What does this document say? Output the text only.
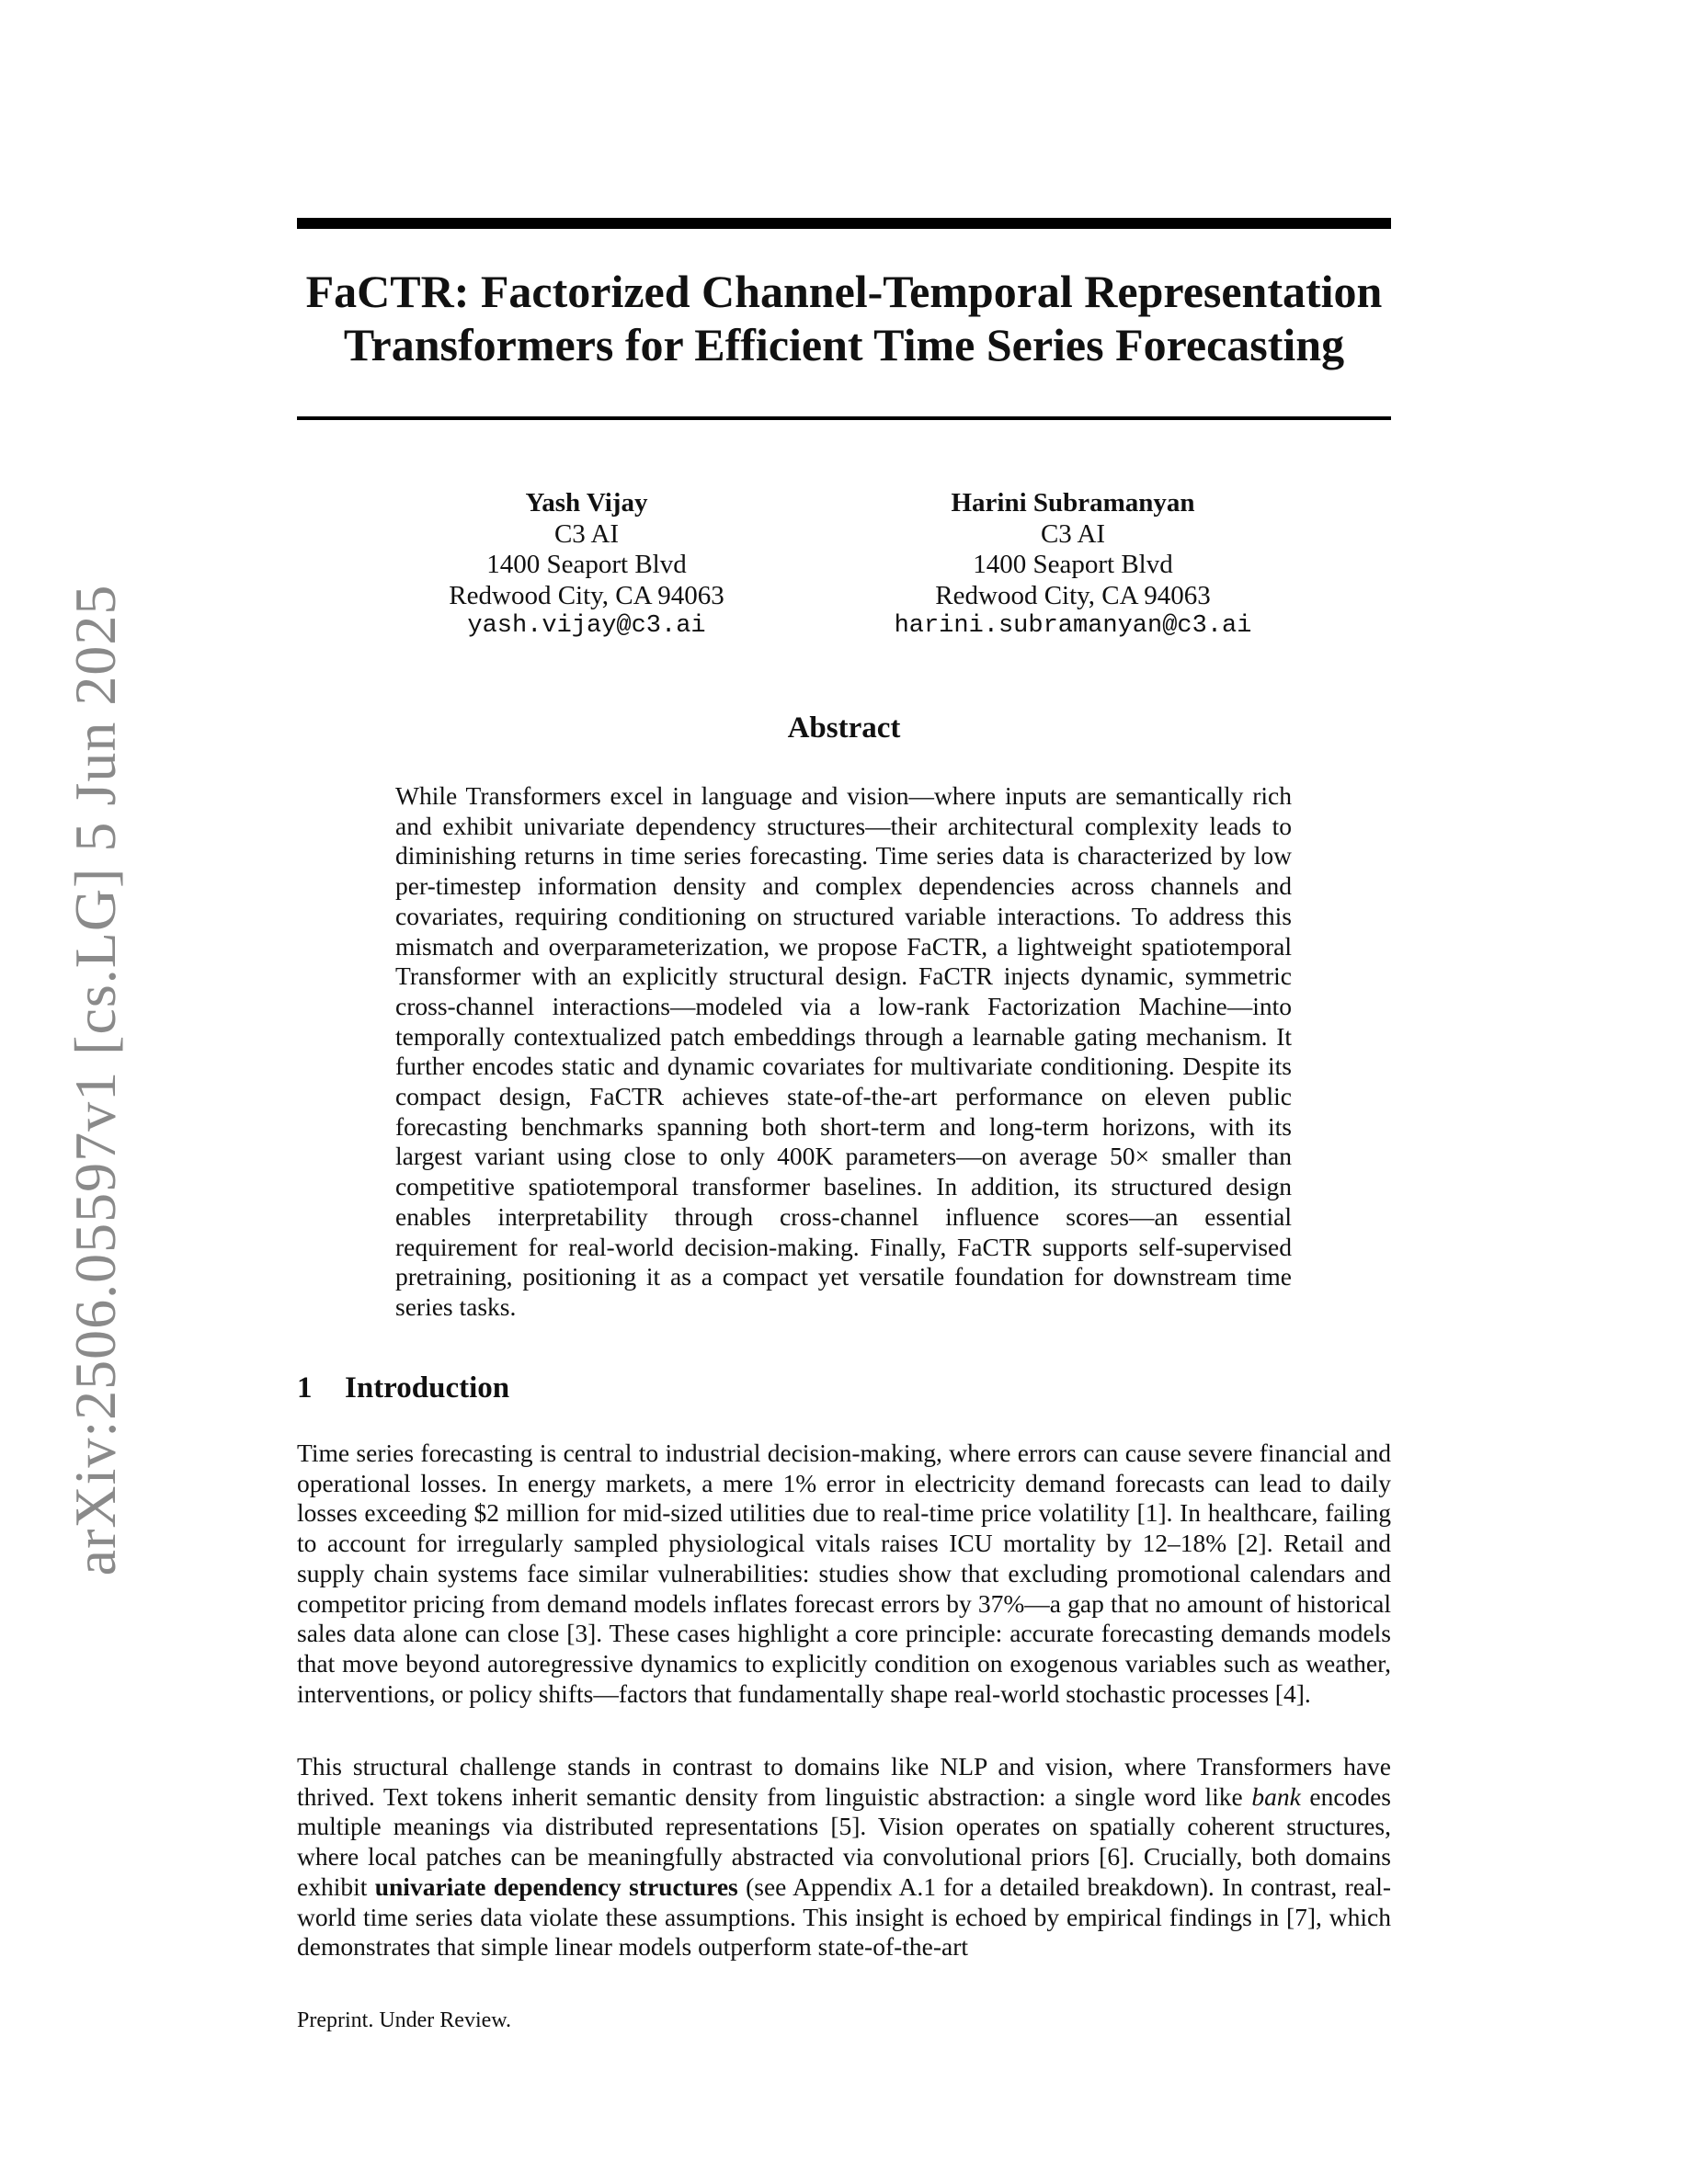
arXiv:2506.05597v1 [cs.LG] 5 Jun 2025
FaCTR: Factorized Channel-Temporal Representation
Transformers for Efficient Time Series Forecasting
Yash Vijay
C3 AI
1400 Seaport Blvd
Redwood City, CA 94063
yash.vijay@c3.ai
Harini Subramanyan
C3 AI
1400 Seaport Blvd
Redwood City, CA 94063
harini.subramanyan@c3.ai
Abstract

While Transformers excel in language and vision—where inputs are semantically rich and exhibit univariate dependency structures—their architectural complexity leads to diminishing returns in time series forecasting. Time series data is characterized by low per-timestep information density and complex dependencies across channels and covariates, requiring conditioning on structured variable interactions. To address this mismatch and overparameterization, we propose FaCTR, a lightweight spatiotemporal Transformer with an explicitly structural design. FaCTR injects dynamic, symmetric cross-channel interactions—modeled via a low-rank Factorization Machine—into temporally contextualized patch embeddings through a learnable gating mechanism. It further encodes static and dynamic covariates for multivariate conditioning. Despite its compact design, FaCTR achieves state-of-the-art performance on eleven public forecasting benchmarks spanning both short-term and long-term horizons, with its largest variant using close to only 400K parameters—on average 50× smaller than competitive spatiotemporal transformer baselines. In addition, its structured design enables interpretability through cross-channel influence scores—an essential requirement for real-world decision-making. Finally, FaCTR supports self-supervised pretraining, positioning it as a compact yet versatile foundation for downstream time series tasks.

1 Introduction

Time series forecasting is central to industrial decision-making, where errors can cause severe financial and operational losses. In energy markets, a mere 1% error in electricity demand forecasts can lead to daily losses exceeding $2 million for mid-sized utilities due to real-time price volatility [1]. In healthcare, failing to account for irregularly sampled physiological vitals raises ICU mortality by 12–18% [2]. Retail and supply chain systems face similar vulnerabilities: studies show that excluding promotional calendars and competitor pricing from demand models inflates forecast errors by 37%—a gap that no amount of historical sales data alone can close [3]. These cases highlight a core principle: accurate forecasting demands models that move beyond autoregressive dynamics to explicitly condition on exogenous variables such as weather, interventions, or policy shifts—factors that fundamentally shape real-world stochastic processes [4].

This structural challenge stands in contrast to domains like NLP and vision, where Transformers have thrived. Text tokens inherit semantic density from linguistic abstraction: a single word like bank encodes multiple meanings via distributed representations [5]. Vision operates on spatially coherent structures, where local patches can be meaningfully abstracted via convolutional priors [6]. Crucially, both domains exhibit univariate dependency structures (see Appendix A.1 for a detailed breakdown). In contrast, real-world time series data violate these assumptions. This insight is echoed by empirical findings in [7], which demonstrates that simple linear models outperform state-of-the-art

Preprint. Under Review.
